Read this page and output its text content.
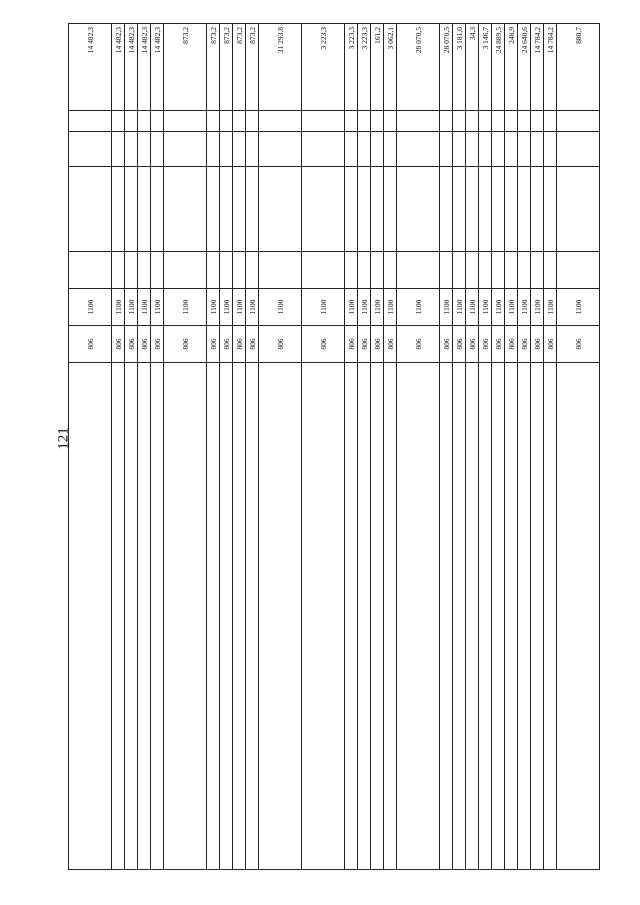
121
	806	1100					14 482,3
	806	1100					14 482,3
	806	1100					14 482,3
	806	1100					14 482,3
	806	1100					14 482,3
	806	1100					873,2
	806	1100					873,2
	806	1100					873,2
	806	1100					873,2
	806	1100					873,2
	806	1100					31 293,8
	806	1100					3 223,3
	806	1100					3 223,3
	806	1100					3 223,3
	806	1100					161,2
	806	1100					3 062,1
	806	1100					28 070,5
	806	1100					28 070,5
	806	1100					3 181,0
	806	1100					34,3
	806	1100					3 146,7
	806	1100					24 889,5
	806	1100					248,9
	806	1100					24 640,6
	806	1100					14 784,2
	806	1100					14 784,2
	806	1100					880,7
